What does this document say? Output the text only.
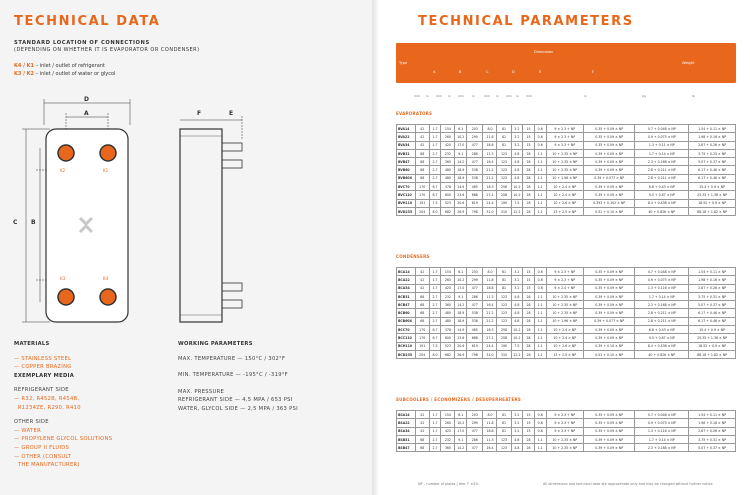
TECHNICAL DATA
STANDARD LOCATION OF CONNECTIONS
(DEPENDING ON WHETHER IT IS EVAPORATOR OR CONDENSER)
K4 / K1 – inlet / outlet of refrigerant
K3 / K2 – inlet / outlet of water or glycol
D
A
C B
F	E
K2	K1
K3	K4
MATERIALS
— STAINLESS STEEL
— COPPER BRAZING
EXEMPLARY MEDIA
REFRIGERANT SIDE
— R32, R452B, R454B,
R1234ZE, R290, R410
OTHER SIDE
— WATER
— PROPYLENE GLYCOL SOLUTIONS
— GROUP II FLUIDS
— OTHER (CONSULT
THE MANUFACTURER)
WORKING PARAMETERS
MAX. TEMPERATURE — 150°C / 302°F
MIN. TEMPERATURE — -195°C / -319°F
MAX. PRESSURE
REFRIGERANT SIDE — 4,5 MPA / 653 PSI
WATER, GLYCOL SIDE — 2,5 MPA / 363 PSI
TECHNICAL PARAMETERS
Type
Dimension
Weight
A	B	C	D	E	F
mm in mm in mm	in	mm in mm in mm	in	kg	lb
EVAPORATORS
BVA14	42	1.7	154	6.1	203	8.0	81	3.2	15	0.6	9 × 2.3 + NP	0.35 + 0.09 × NP	0.7 + 0.048 × NP	1.54 + 0.11 × NP
BVA22	42	1.7	260	10.2	299	11.8	81	3.2	15	0.6	9 × 2.3 + NP	0.35 + 0.09 × NP	0.9 + 0.075 × NP	1.98 + 0.16 × NP
BVA34	42	1.7	420	17.0	477	18.8	81	3.2	15	0.6	9 × 2.3 + NP	0.35 + 0.09 × NP	1.3 + 0.11 × NP	2.87 + 0.26 × NP
BVB31	68	2.7	232	9.1	286	11.3	123	4.8	28	1.1	10 + 2.35 × NP	0.39 + 0.09 × NP	1.7 + 0.14 × NP	3.75 + 0.25 × NP
BVB47	68	2.7	360	14.2	477	16.4	123	4.8	28	1.1	10 + 2.35 × NP	0.39 + 0.09 × NP	2.3 + 0.168 × NP	5.07 + 0.37 × NP
BVB60	68	2.7	480	18.9	538	21.2	123	4.8	28	1.1	10 + 2.35 × NP	0.39 + 0.09 × NP	2.8 + 0.211 × NP	6.17 + 0.46 × NP
BVB60X	68	2.7	480	18.9	538	21.2	123	4.8	28	1.1	10 + 1.96 × NP	0.39 + 0.077 × NP	2.8 + 0.211 × NP	6.17 + 0.46 × NP
BVC70	170	6.7	378	14.9	465	18.3	258	10.2	28	1.1	10 + 2.4 × NP	0.39 + 0.09 × NP	6.8 + 0.43 × NP	15.4 + 0.9 × NP
BVC110	170	6.7	600	23.6	688	27.1	258	10.2	28	1.1	10 + 2.4 × NP	0.39 + 0.09 × NP	9.5 + 0.67 × NP	25.35 + 1.36 × NP
BVH110	191	7.5	523	20.6	619	24.4	190	7.5	28	1.1	10 + 2.6 × NP	0.393 + 0.102 × NP	8.4 + 0.438 × NP	18.52 + 0.9 × NP
BVD235	204	8.0	682	26.9	798	31.0	310	12.2	28	1.1	13 + 2.5 × NP	0.51 + 0.10 × NP	40 + 0.826 × NP	88.18 + 1.82 × NP
CONDENSERS
BCA14	42	1.7	154	6.1	203	8.0	81	3.2	15	0.6	9 × 2.3 + NP	0.35 + 0.09 × NP	0.7 + 0.048 × NP	1.54 + 0.11 × NP
BCA22	42	1.7	260	10.2	299	11.8	81	3.2	15	0.6	9 × 2.3 + NP	0.35 + 0.09 × NP	0.9 + 0.075 × NP	1.98 + 0.16 × NP
BCA34	42	1.7	420	17.0	477	18.8	81	3.2	15	0.6	9 × 2.4 + NP	0.35 + 0.09 × NP	1.3 + 0.116 × NP	2.87 + 0.26 × NP
BCB31	68	2.7	232	9.1	286	11.3	123	4.8	28	1.1	10 + 2.35 × NP	0.39 + 0.09 × NP	1.7 + 0.14 × NP	3.75 + 0.31 × NP
BCB47	68	2.7	360	14.2	477	16.4	123	4.8	28	1.1	10 + 2.35 × NP	0.39 + 0.09 × NP	2.3 + 0.168 × NP	5.07 + 0.37 × NP
BCB60	68	2.7	480	18.9	538	21.2	123	4.8	28	1.1	10 + 2.35 × NP	0.39 + 0.09 × NP	2.8 + 0.211 × NP	6.17 + 0.46 × NP
BCB60X	68	2.7	480	18.9	538	21.2	123	4.8	28	1.1	10 + 1.96 × NP	0.39 + 0.077 × NP	2.8 + 0.211 × NP	6.17 + 0.46 × NP
BCC70	170	6.7	378	14.9	465	18.3	258	10.2	28	1.1	10 + 2.4 × NP	0.39 + 0.09 × NP	6.8 + 0.43 × NP	15.4 + 0.9 × NP
BCC110	170	6.7	600	23.6	688	27.1	258	10.2	28	1.1	10 + 2.4 × NP	0.39 + 0.09 × NP	9.5 + 0.67 × NP	25.35 + 1.36 × NP
BCH110	191	7.5	523	20.6	619	24.4	190	7.5	28	1.1	10 + 2.6 × NP	0.39 + 0.10 × NP	8.4 + 0.438 × NP	18.52 + 0.9 × NP
BCD235	204	8.0	682	26.9	798	31.0	310	12.2	28	1.1	13 + 2.5 × NP	0.51 + 0.10 × NP	40 + 0.826 × NP	88.18 + 1.82 × NP
SUBCOOLERS / ECONOMIZERS / DESUPERHEATERS
BSA14	42	1.7	154	6.1	203	8.0	81	3.2	15	0.6	9 × 2.3 + NP	0.35 + 0.09 × NP	0.7 + 0.048 × NP	1.54 + 0.11 × NP
BSA22	42	1.7	260	10.2	299	11.8	81	3.2	15	0.6	9 × 2.3 + NP	0.35 + 0.09 × NP	0.9 + 0.075 × NP	1.98 + 0.16 × NP
BSA34	42	1.7	420	17.0	477	18.8	81	3.2	15	0.6	9 × 2.3 + NP	0.35 + 0.09 × NP	1.3 + 0.116 × NP	2.87 + 0.26 × NP
BSB31	68	2.7	232	9.1	286	11.3	123	4.8	28	1.1	10 + 2.35 × NP	0.39 + 0.09 × NP	1.7 + 0.14 × NP	3.75 + 0.31 × NP
BSB47	68	2.7	360	14.2	477	16.4	123	4.8	28	1.1	10 + 2.35 × NP	0.39 + 0.09 × NP	2.3 + 0.168 × NP	5.07 + 0.37 × NP
NP – number of plates | dim. F ±5%	All dimensions and technical data are approximate only and may be changed without further notice
